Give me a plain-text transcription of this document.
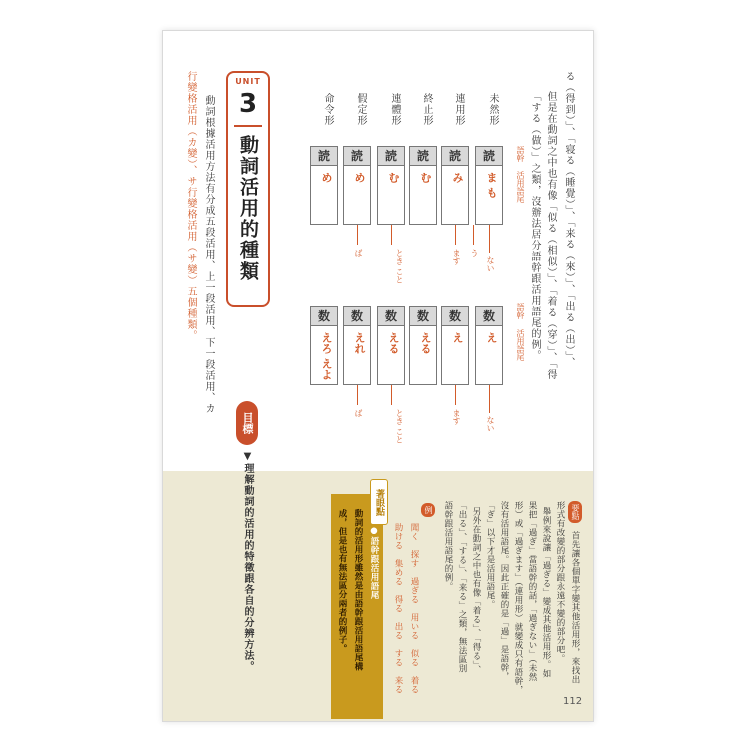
但是在動詞之中也有像「似る（相似）」、「着る（穿）」、「得 る（得到）」、「寝る（睡覺）」、「来る（來）」、「出る（出）」、
「する（做）」之類，沒辦法居分語幹跟活用語尾的例。
未然形
連用形
終止形
連體形
假定形
命令形
語幹
活用語尾
語幹
活用語尾
読
ま も
読
み
読
む
読
む
読
め
読
め
ない
う
ます
とき こと
ば
数
え
数
え
数
える
数
える
数
えれ
数
えろ えよ
ない
ます
とき こと
ば
UNIT
3
動詞活用的種類
動詞根據活用方法有分成五段活用、上一段活用、下一段活用、カ
行變格活用（カ變）、サ行變格活用（サ變）五個種類。
目標
▼理解動詞的活用的特徵跟各自的分辨方法。	要點
首先讓各個單字變其他活用形，來找出
形式有改變的部分跟永遠不變的部分吧。
舉例來說讓「過ぎる」變成其他活用形。如
果把「過ぎ」當語幹的話，「過ぎない」（未然
形）或「過ぎます」（連用形）就變成只有語幹，
沒有活用語尾。因此正確的是「過」是語幹，
「ぎ」以下才是活用語尾。
另外在動詞之中也有像「着る」、「得る」、
「出る」、「する」、「来る」之類，無法區別
語幹跟活用語尾的例。
例
聞く　探す　過ぎる　用いる　似る　着る
助ける　集める　得る　出る　する　来る
著眼點
●語幹跟活用語尾
動詞的活用形雖然是由語幹跟活用語尾構
成，但是也有無法區分兩者的例子。
112
